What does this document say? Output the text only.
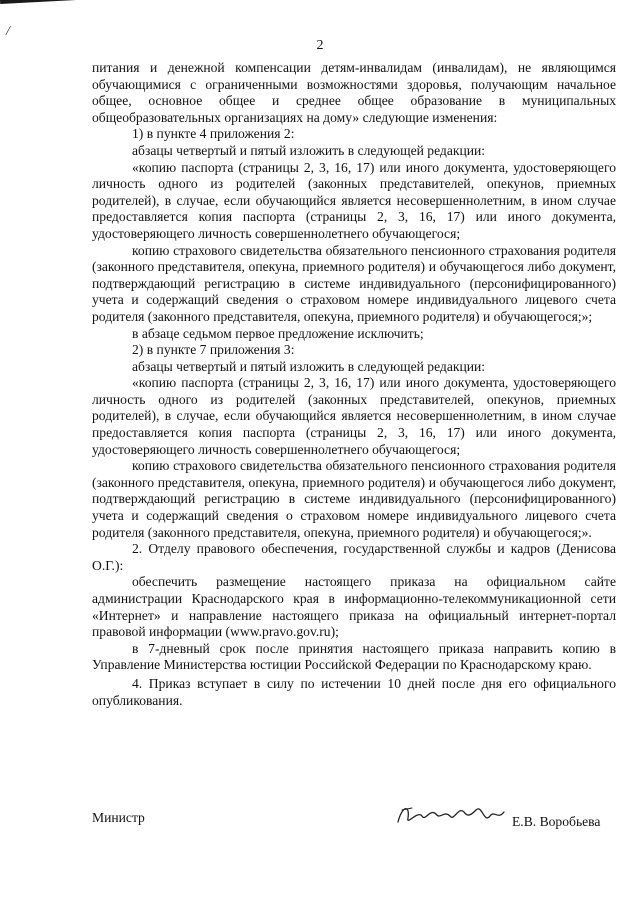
/
2

питания и денежной компенсации детям-инвалидам (инвалидам), не являющимся обучающимися с ограниченными возможностями здоровья, получающим начальное общее, основное общее и среднее общее образование в муниципальных общеобразовательных организациях на дому» следующие изменения:

1) в пункте 4 приложения 2:

абзацы четвертый и пятый изложить в следующей редакции:

«копию паспорта (страницы 2, 3, 16, 17) или иного документа, удостоверяющего личность одного из родителей (законных представителей, опекунов, приемных родителей), в случае, если обучающийся является несовершеннолетним, в ином случае предоставляется копия паспорта (страницы 2, 3, 16, 17) или иного документа, удостоверяющего личность совершеннолетнего обучающегося;

копию страхового свидетельства обязательного пенсионного страхования родителя (законного представителя, опекуна, приемного родителя) и обучающегося либо документ, подтверждающий регистрацию в системе индивидуального (персонифицированного) учета и содержащий сведения о страховом номере индивидуального лицевого счета родителя (законного представителя, опекуна, приемного родителя) и обучающегося;»;

в абзаце седьмом первое предложение исключить;

2) в пункте 7 приложения 3:

абзацы четвертый и пятый изложить в следующей редакции:

«копию паспорта (страницы 2, 3, 16, 17) или иного документа, удостоверяющего личность одного из родителей (законных представителей, опекунов, приемных родителей), в случае, если обучающийся является несовершеннолетним, в ином случае предоставляется копия паспорта (страницы 2, 3, 16, 17) или иного документа, удостоверяющего личность совершеннолетнего обучающегося;

копию страхового свидетельства обязательного пенсионного страхования родителя (законного представителя, опекуна, приемного родителя) и обучающегося либо документ, подтверждающий регистрацию в системе индивидуального (персонифицированного) учета и содержащий сведения о страховом номере индивидуального лицевого счета родителя (законного представителя, опекуна, приемного родителя) и обучающегося;».

2. Отделу правового обеспечения, государственной службы и кадров (Денисова О.Г.):

обеспечить размещение настоящего приказа на официальном сайте администрации Краснодарского края в информационно-телекоммуникационной сети «Интернет» и направление настоящего приказа на официальный интернет-портал правовой информации (www.pravo.gov.ru);

в 7-дневный срок после принятия настоящего приказа направить копию в Управление Министерства юстиции Российской Федерации по Краснодарскому краю.

4. Приказ вступает в силу по истечении 10 дней после дня его официального опубликования.

Министр	Е.В. Воробьева
